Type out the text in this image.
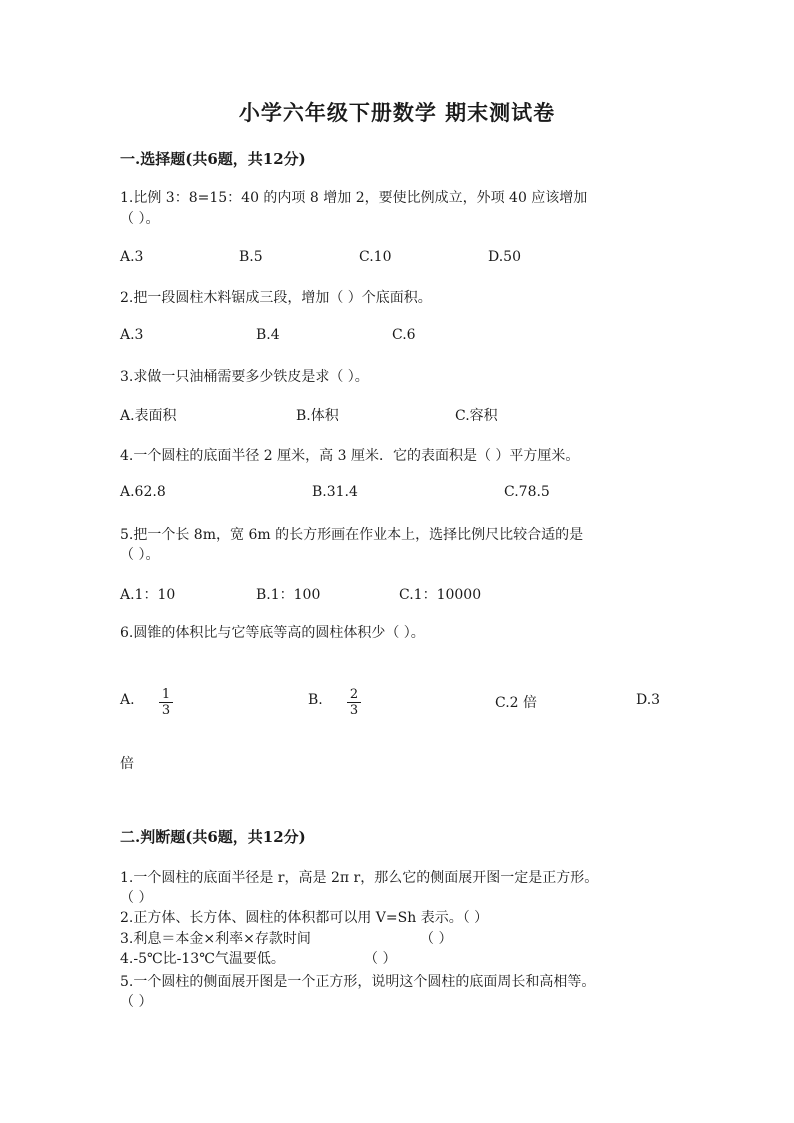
小学六年级下册数学 期末测试卷
一.选择题(共6题，共12分)
1.比例 3：8=15：40 的内项 8 增加 2，要使比例成立，外项 40 应该增加
（ ）。
A.3	B.5	C.10	D.50
2.把一段圆柱木料锯成三段，增加（ ）个底面积。
A.3	B.4	C.6
3.求做一只油桶需要多少铁皮是求（ ）。
A.表面积	B.体积	C.容积
4.一个圆柱的底面半径 2 厘米，高 3 厘米．它的表面积是（ ）平方厘米。
A.62.8	B.31.4	C.78.5
5.把一个长 8m，宽 6m 的长方形画在作业本上，选择比例尺比较合适的是
（ ）。
A.1：10	B.1：100	C.1：10000
6.圆锥的体积比与它等底等高的圆柱体积少（ ）。
A. $\frac{1}{3}$	B. $\frac{2}{3}$	C.2 倍	D.3
倍
二.判断题(共6题，共12分)
1.一个圆柱的底面半径是 r，高是 2π r，那么它的侧面展开图一定是正方形。
（ ）
2.正方体、长方体、圆柱的体积都可以用 V=Sh 表示。（ ）
3.利息＝本金×利率×存款时间	（ ）
4.-5℃比-13℃气温要低。	（ ）
5.一个圆柱的侧面展开图是一个正方形，说明这个圆柱的底面周长和高相等。
（ ）
